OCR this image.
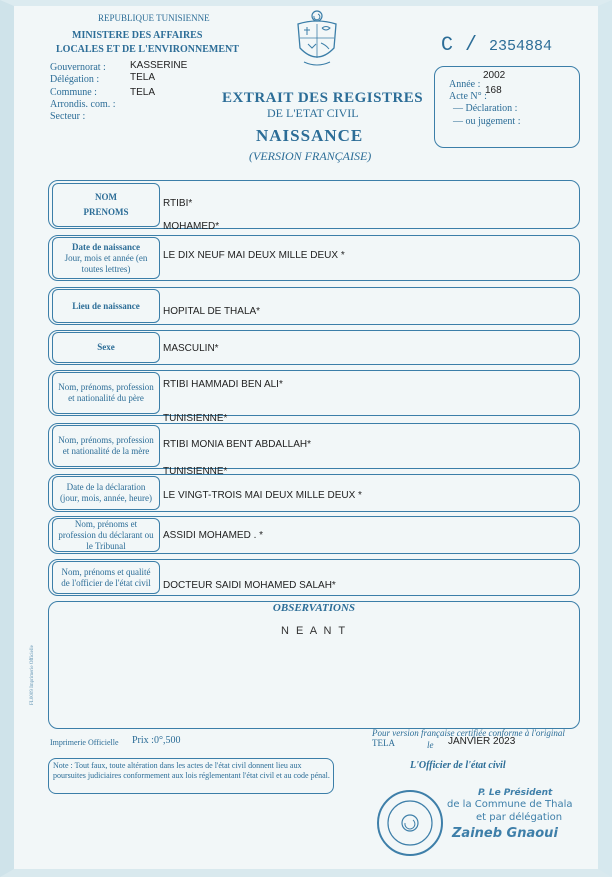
REPUBLIQUE TUNISIENNE
MINISTERE DES AFFAIRES
LOCALES ET DE L'ENVIRONNEMENT
Gouvernorat : KASSERINE
Délégation :	TELA
Commune :	TELA
Arrondis. com. :
Secteur :
C / 2354884
EXTRAIT DES REGISTRES
DE L'ETAT CIVIL
NAISSANCE
(VERSION FRANÇAISE)
Année :
2002
Acte N° :
168
— Déclaration :
— ou jugement :
NOM
PRENOMS
RTIBI*
MOHAMED*
Date de naissance
Jour, mois et année (en toutes lettres)
LE DIX NEUF MAI DEUX MILLE DEUX *
Lieu de naissance
HOPITAL DE THALA*
Sexe	MASCULIN*
Nom, prénoms, profession et nationalité du père
RTIBI HAMMADI BEN ALI*
TUNISIENNE*
Nom, prénoms, profession et nationalité de la mère
RTIBI MONIA BENT ABDALLAH*
TUNISIENNE*
Date de la déclaration (jour, mois, année, heure)	LE VINGT-TROIS MAI DEUX MILLE DEUX *
Nom, prénoms et profession du déclarant ou le Tribunal
ASSIDI MOHAMED . *
Nom, prénoms et qualité de l'officier de l'état civil	DOCTEUR SAIDI MOHAMED SALAH*
OBSERVATIONS
N E A N T
FL0009 Imprimerie Officielle
Imprimerie Officielle Prix :0°,500
Note : Tout faux, toute altération dans les actes de l'état civil donnent lieu aux poursuites judiciaires conformement aux lois réglementant l'état civil et au code pénal.
Pour version française certifiée conforme à l'original
TELA	le JANVIER 2023
L'Officier de l'état civil
P. Le Président
de la Commune de Thala
et par délégation
Zaineb Gnaoui
